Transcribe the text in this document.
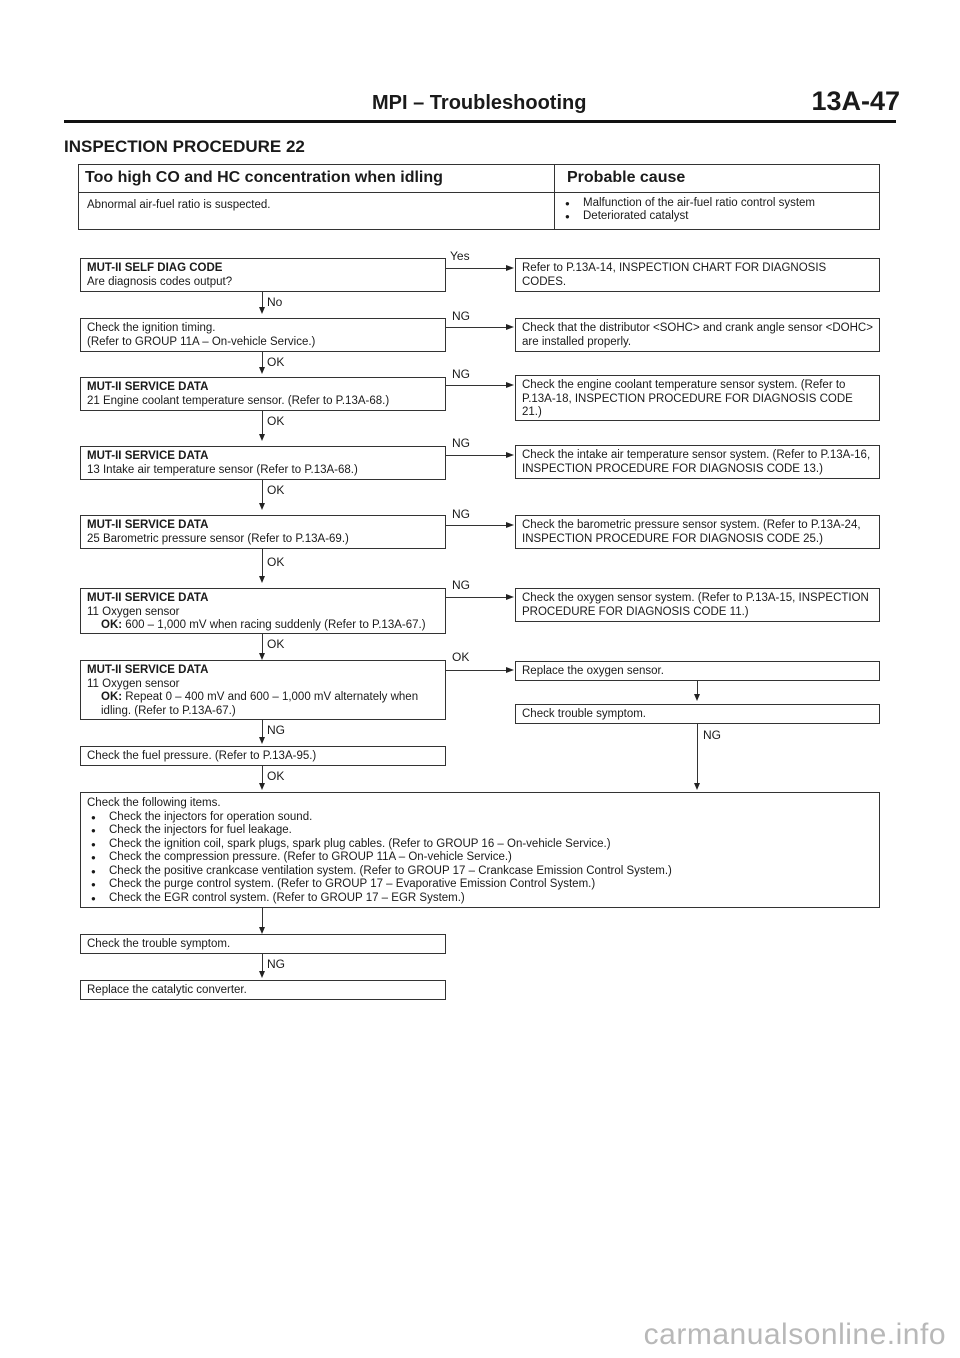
MPI – Troubleshooting	13A-47
INSPECTION PROCEDURE 22
Too high CO and HC concentration when idling	Probable cause
Abnormal air-fuel ratio is suspected.
●	Malfunction of the air-fuel ratio control system
● Deteriorated catalyst
MUT-II SELF DIAG CODE
Are diagnosis codes output?
Yes
Refer to P.13A-14, INSPECTION CHART FOR DIAGNOSIS CODES.
No
Check the ignition timing.
(Refer to GROUP 11A – On-vehicle Service.)
NG
Check that the distributor <SOHC> and crank angle sensor <DOHC> are installed properly.
OK
MUT-II SERVICE DATA
21 Engine coolant temperature sensor. (Refer to P.13A-68.)
NG
Check the engine coolant temperature sensor system. (Refer to P.13A-18, INSPECTION PROCEDURE FOR DIAGNOSIS CODE 21.)
OK
MUT-II SERVICE DATA
13 Intake air temperature sensor (Refer to P.13A-68.)
NG
Check the intake air temperature sensor system. (Refer to P.13A-16, INSPECTION PROCEDURE FOR DIAGNOSIS CODE 13.)
OK
MUT-II SERVICE DATA
25 Barometric pressure sensor (Refer to P.13A-69.)
NG
Check the barometric pressure sensor system. (Refer to P.13A-24, INSPECTION PROCEDURE FOR DIAGNOSIS CODE 25.)
OK
MUT-II SERVICE DATA
11 Oxygen sensor
OK: 600 – 1,000 mV when racing suddenly (Refer to P.13A-67.)
NG
Check the oxygen sensor system. (Refer to P.13A-15, INSPECTION PROCEDURE FOR DIAGNOSIS CODE 11.)
OK
MUT-II SERVICE DATA
11 Oxygen sensor
OK: Repeat 0 – 400 mV and 600 – 1,000 mV alternately when idling. (Refer to P.13A-67.)
OK
Replace the oxygen sensor.
Check trouble symptom.
NG
NG
Check the fuel pressure. (Refer to P.13A-95.)
OK
Check the following items.
● Check the injectors for operation sound.
● Check the injectors for fuel leakage.
● Check the ignition coil, spark plugs, spark plug cables. (Refer to GROUP 16 – On-vehicle Service.)
● Check the compression pressure. (Refer to GROUP 11A – On-vehicle Service.)
● Check the positive crankcase ventilation system. (Refer to GROUP 17 – Crankcase Emission Control System.)
● Check the purge control system. (Refer to GROUP 17 – Evaporative Emission Control System.)
● Check the EGR control system. (Refer to GROUP 17 – EGR System.)
Check the trouble symptom.
NG
Replace the catalytic converter.
carmanualsonline.info
